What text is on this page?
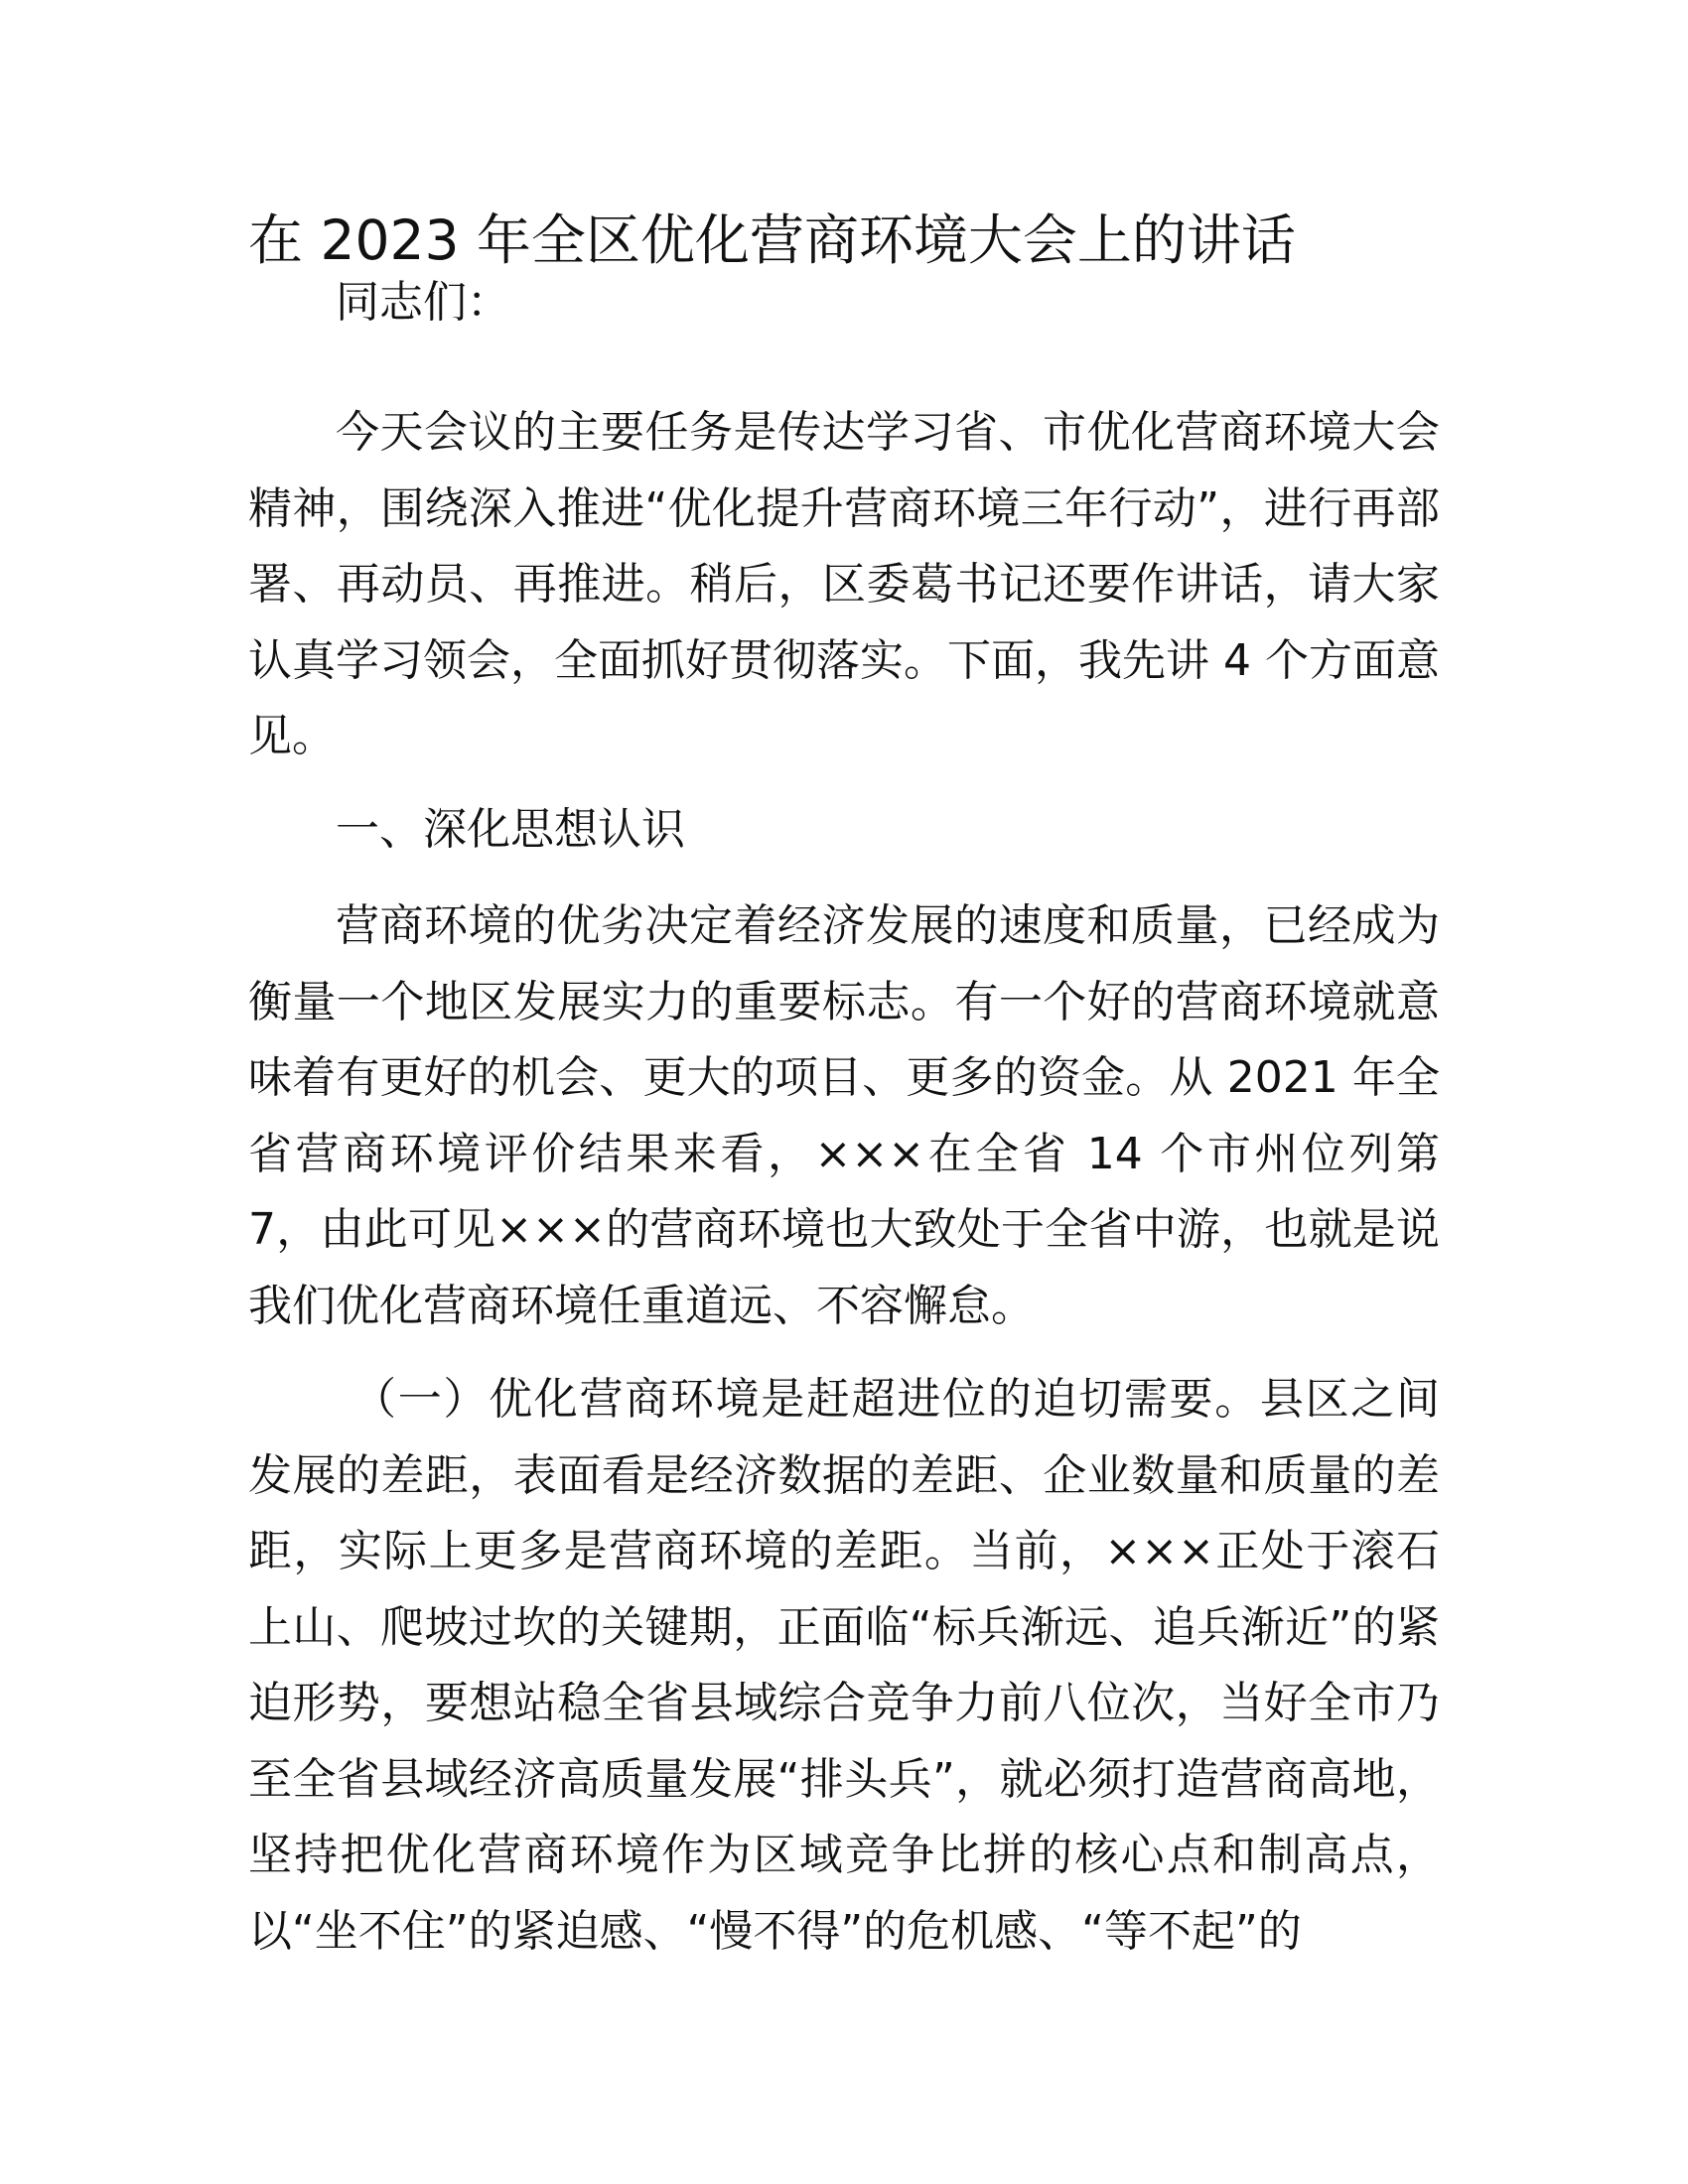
在 2023 年全区优化营商环境大会上的讲话

同志们：

今天会议的主要任务是传达学习省、市优化营商环境大会精神，围绕深入推进“优化提升营商环境三年行动”，进行再部署、再动员、再推进。稍后，区委葛书记还要作讲话，请大家认真学习领会，全面抓好贯彻落实。下面，我先讲 4 个方面意见。

一、深化思想认识

营商环境的优劣决定着经济发展的速度和质量，已经成为衡量一个地区发展实力的重要标志。有一个好的营商环境就意味着有更好的机会、更大的项目、更多的资金。从 2021 年全省营商环境评价结果来看，×××在全省 14 个市州位列第 7，由此可见×××的营商环境也大致处于全省中游，也就是说我们优化营商环境任重道远、不容懈怠。

（一）优化营商环境是赶超进位的迫切需要。县区之间发展的差距，表面看是经济数据的差距、企业数量和质量的差距，实际上更多是营商环境的差距。当前，×××正处于滚石上山、爬坡过坎的关键期，正面临“标兵渐远、追兵渐近”的紧迫形势，要想站稳全省县域综合竞争力前八位次，当好全市乃至全省县域经济高质量发展“排头兵”，就必须打造营商高地，坚持把优化营商环境作为区域竞争比拼的核心点和制高点，以“坐不住”的紧迫感、“慢不得”的危机感、“等不起”的
